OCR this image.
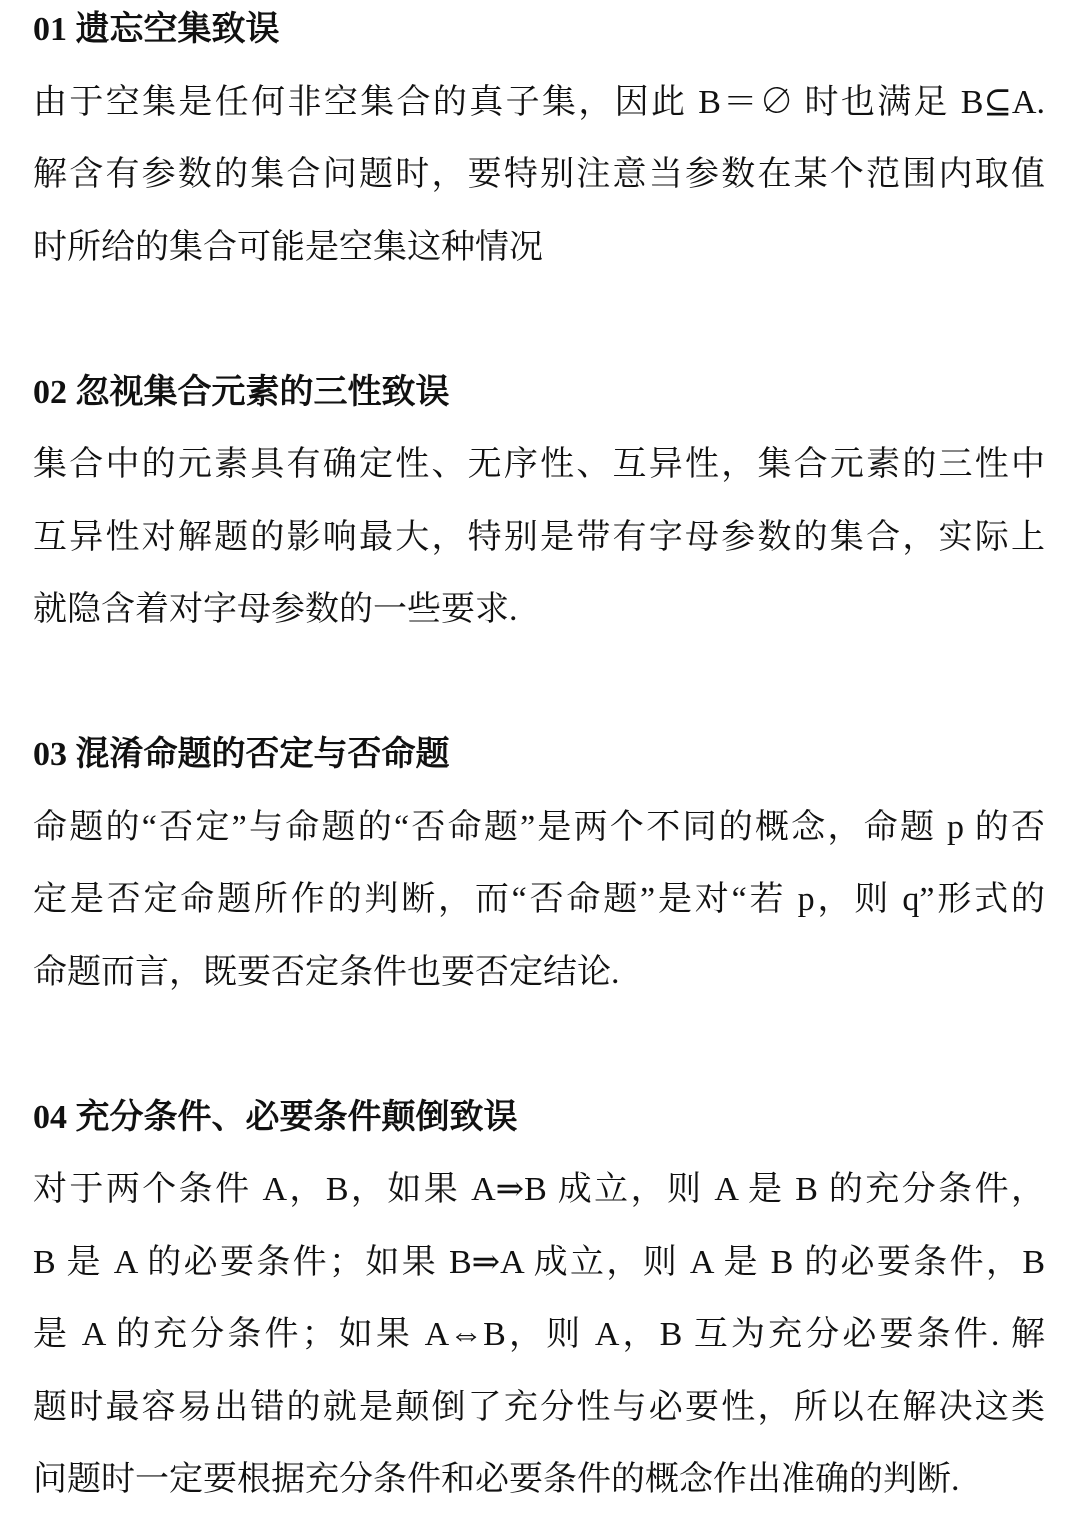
01 遗忘空集致误

由于空集是任何非空集合的真子集，因此 B＝∅ 时也满足 B⊆A.

解含有参数的集合问题时，要特别注意当参数在某个范围内取值

时所给的集合可能是空集这种情况

02 忽视集合元素的三性致误

集合中的元素具有确定性、无序性、互异性，集合元素的三性中

互异性对解题的影响最大，特别是带有字母参数的集合，实际上

就隐含着对字母参数的一些要求.

03 混淆命题的否定与否命题

命题的“否定”与命题的“否命题”是两个不同的概念，命题 p 的否

定是否定命题所作的判断，而“否命题”是对“若 p，则 q”形式的

命题而言，既要否定条件也要否定结论.

04 充分条件、必要条件颠倒致误

对于两个条件 A，B，如果 A⇒B 成立，则 A 是 B 的充分条件，

B 是 A 的必要条件；如果 B⇒A 成立，则 A 是 B 的必要条件，B

是 A 的充分条件；如果 A⇔B，则 A，B 互为充分必要条件. 解

题时最容易出错的就是颠倒了充分性与必要性，所以在解决这类

问题时一定要根据充分条件和必要条件的概念作出准确的判断.
